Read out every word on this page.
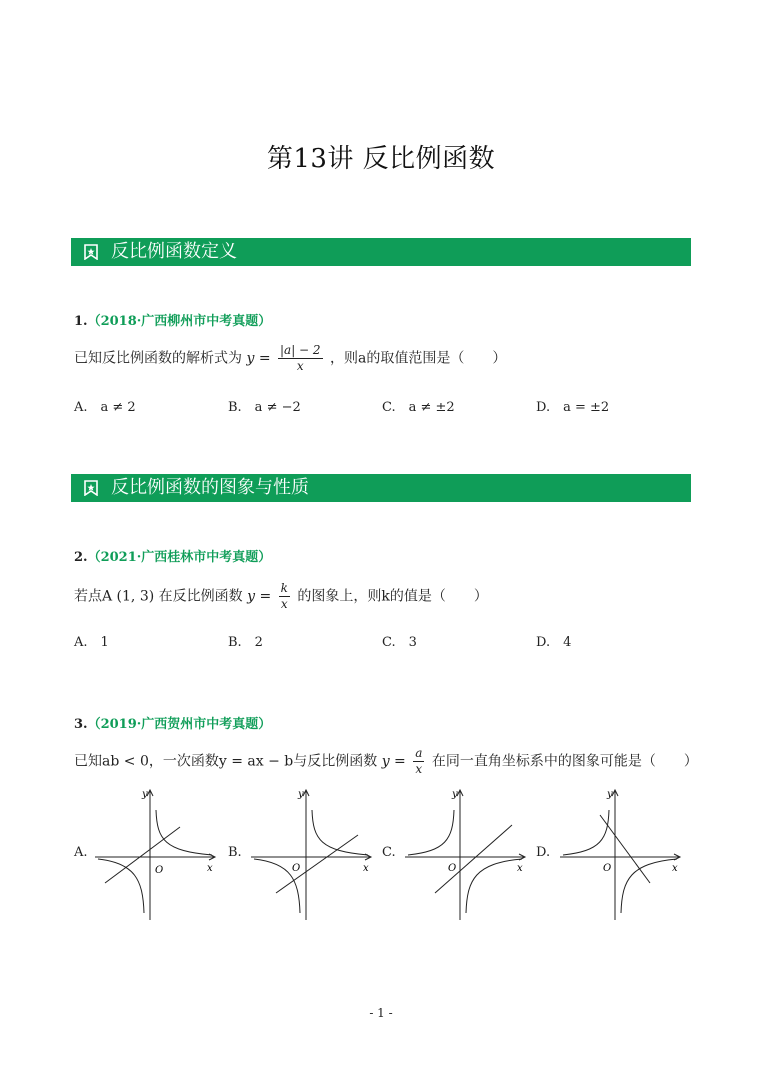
第13讲 反比例函数
反比例函数定义
1.（2018·广西柳州市中考真题）
已知反比例函数的解析式为 $y = \frac{|a| - 2}{x}$ ，则a的取值范围是（　　）
A.　a ≠ 2	B.　a ≠ −2	C.　a ≠ ±2	D.　a = ±2
反比例函数的图象与性质
2.（2021·广西桂林市中考真题）
若点A (1, 3) 在反比例函数 $y = \frac{k}{x}$ 的图象上，则k的值是（　　）
A.　1	B.　2	C.　3	D.　4
3.（2019·广西贺州市中考真题）
已知ab < 0，一次函数y = ax − b与反比例函数 $y = \frac{a}{x}$ 在同一直角坐标系中的图象可能是（　　）
A.	B.	C.	D.
y
x
O
y
x
O
y
x
O
y
x
O
- 1 -
